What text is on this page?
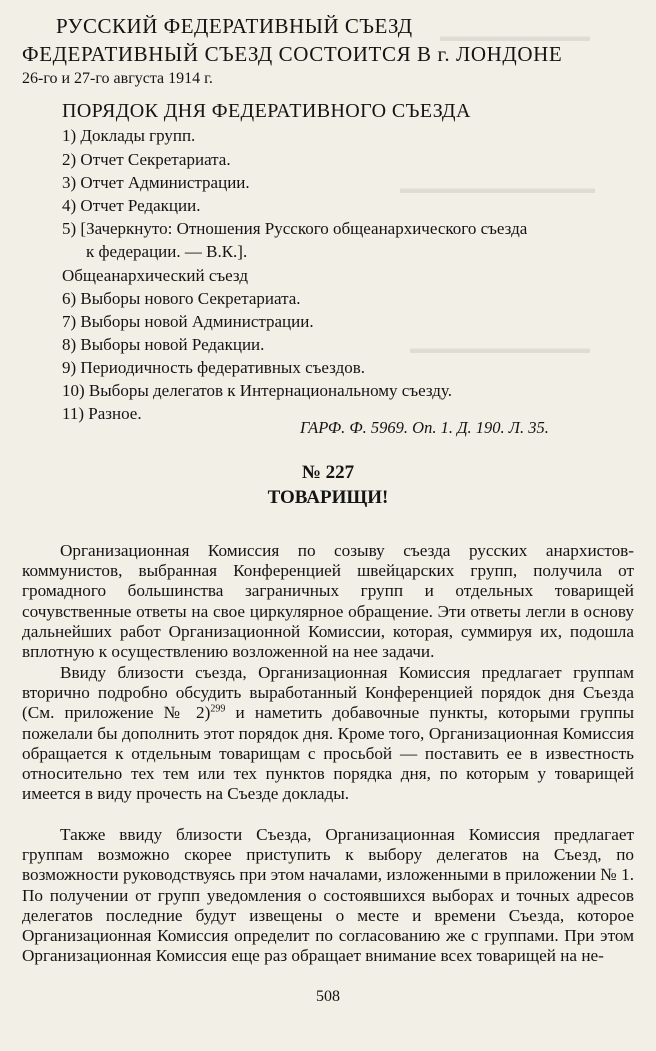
▬▬▬▬▬▬▬▬▬▬
▬▬▬▬▬▬▬▬▬▬▬▬▬
▬▬▬▬▬▬▬▬▬▬▬▬
РУССКИЙ ФЕДЕРАТИВНЫЙ СЪЕЗД
ФЕДЕРАТИВНЫЙ СЪЕЗД СОСТОИТСЯ В г. ЛОНДОНЕ
26-го и 27-го августа 1914 г.
ПОРЯДОК ДНЯ ФЕДЕРАТИВНОГО СЪЕЗДА
1) Доклады групп.
2) Отчет Секретариата.
3) Отчет Администрации.
4) Отчет Редакции.
5) [Зачеркнуто: Отношения Русского общеанархического съезда
к федерации. — В.К.].
Общеанархический съезд
6) Выборы нового Секретариата.
7) Выборы новой Администрации.
8) Выборы новой Редакции.
9) Периодичность федеративных съездов.
10) Выборы делегатов к Интернациональному съезду.
11) Разное.
ГАРФ. Ф. 5969. Оп. 1. Д. 190. Л. 35.
№ 227
ТОВАРИЩИ!

Организационная Комиссия по созыву съезда русских анархистов-коммунистов, выбранная Конференцией швейцарских групп, получила от громадного большинства заграничных групп и отдельных товарищей сочувственные ответы на свое циркулярное обращение. Эти ответы легли в основу дальнейших работ Организационной Комиссии, которая, суммируя их, подошла вплотную к осуществлению возложенной на нее задачи.

Ввиду близости съезда, Организационная Комиссия предлагает группам вторично подробно обсудить выработанный Конференцией порядок дня Съезда (См. приложение № 2)$^{299}$ и наметить добавочные пункты, которыми группы пожелали бы дополнить этот порядок дня. Кроме того, Организационная Комиссия обращается к отдельным товарищам с просьбой — поставить ее в известность относительно тех тем или тех пунктов порядка дня, по которым у товарищей имеется в виду прочесть на Съезде доклады.

Также ввиду близости Съезда, Организационная Комиссия предлагает группам возможно скорее приступить к выбору делегатов на Съезд, по возможности руководствуясь при этом началами, изложенными в приложении № 1. По получении от групп уведомления о состоявшихся выборах и точных адресов делегатов последние будут извещены о месте и времени Съезда, которое Организационная Комиссия определит по согласованию же с группами. При этом Организационная Комиссия еще раз обращает внимание всех товарищей на не-

508
